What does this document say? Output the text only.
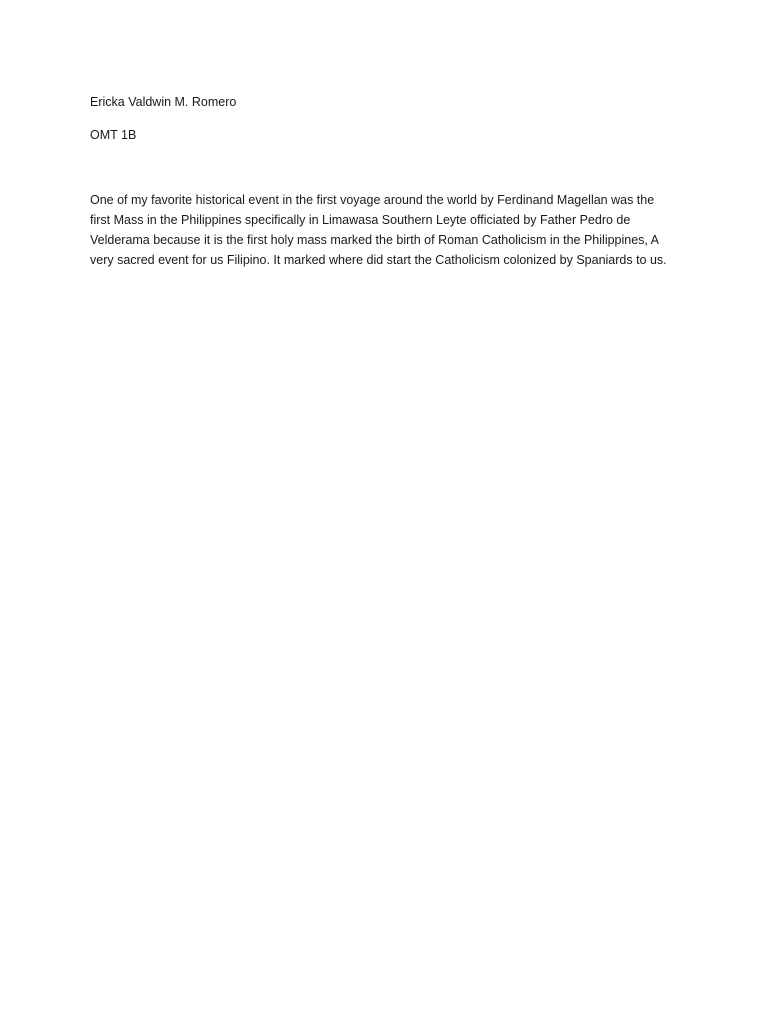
Ericka Valdwin M. Romero

OMT 1B

One of my favorite historical event in the first voyage around the world by Ferdinand Magellan was the
first Mass in the Philippines specifically in Limawasa Southern Leyte officiated by Father Pedro de
Velderama because it is the first holy mass marked the birth of Roman Catholicism in the Philippines, A
very sacred event for us Filipino. It marked where did start the Catholicism colonized by Spaniards to us.
